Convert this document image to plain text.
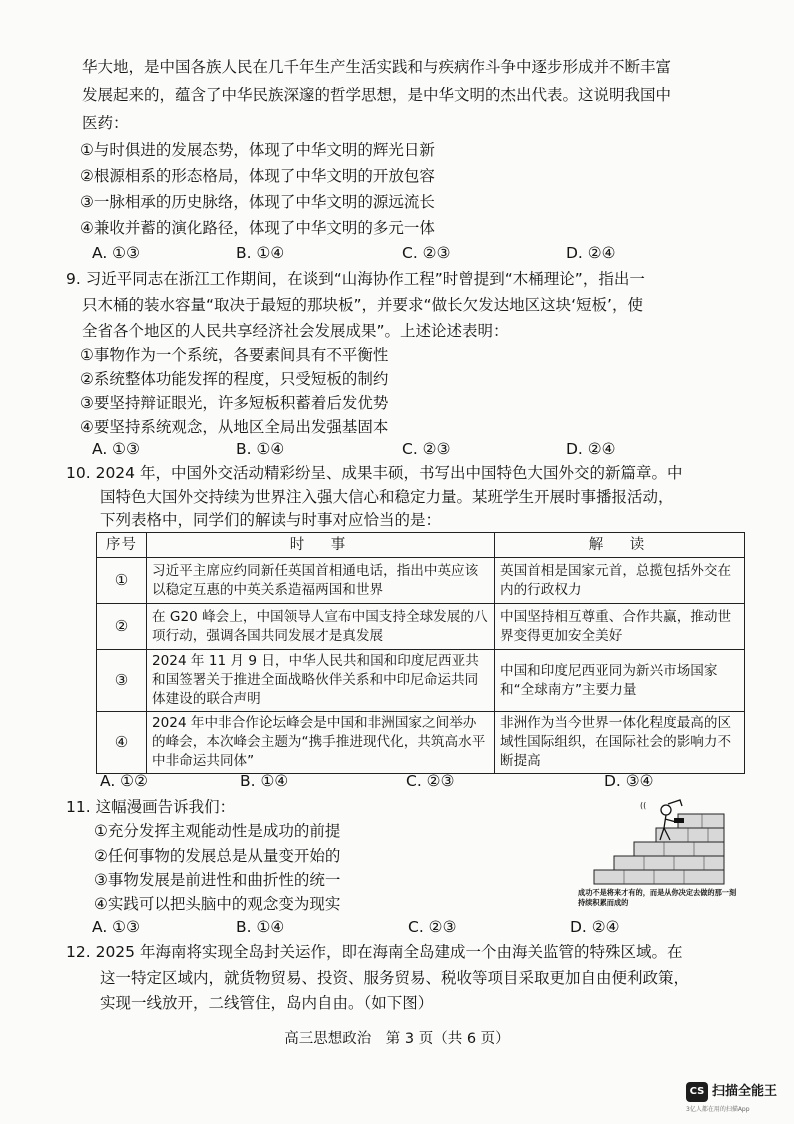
华大地，是中国各族人民在几千年生产生活实践和与疾病作斗争中逐步形成并不断丰富
发展起来的，蕴含了中华民族深邃的哲学思想，是中华文明的杰出代表。这说明我国中
医药：
①与时俱进的发展态势，体现了中华文明的辉光日新
②根源相系的形态格局，体现了中华文明的开放包容
③一脉相承的历史脉络，体现了中华文明的源远流长
④兼收并蓄的演化路径，体现了中华文明的多元一体
A. ①③	B. ①④	C. ②③	D. ②④
9. 习近平同志在浙江工作期间，在谈到“山海协作工程”时曾提到“木桶理论”，指出一
只木桶的装水容量“取决于最短的那块板”，并要求“做长欠发达地区这块‘短板’，使
全省各个地区的人民共享经济社会发展成果”。上述论述表明：
①事物作为一个系统，各要素间具有不平衡性
②系统整体功能发挥的程度，只受短板的制约
③要坚持辩证眼光，许多短板积蓄着后发优势
④要坚持系统观念，从地区全局出发强基固本
A. ①③	B. ①④	C. ②③	D. ②④
10. 2024 年，中国外交活动精彩纷呈、成果丰硕，书写出中国特色大国外交的新篇章。中
国特色大国外交持续为世界注入强大信心和稳定力量。某班学生开展时事播报活动，
下列表格中，同学们的解读与时事对应恰当的是：
序号	时　事	解　读
①	习近平主席应约同新任英国首相通电话，指出中英应该以稳定互惠的中英关系造福两国和世界	英国首相是国家元首，总揽包括外交在内的行政权力
②	在 G20 峰会上，中国领导人宣布中国支持全球发展的八项行动，强调各国共同发展才是真发展	中国坚持相互尊重、合作共赢，推动世界变得更加安全美好
③	2024 年 11 月 9 日，中华人民共和国和印度尼西亚共和国签署关于推进全面战略伙伴关系和中印尼命运共同体建设的联合声明	中国和印度尼西亚同为新兴市场国家和“全球南方”主要力量
④	2024 年中非合作论坛峰会是中国和非洲国家之间举办的峰会，本次峰会主题为“携手推进现代化，共筑高水平中非命运共同体”	非洲作为当今世界一体化程度最高的区域性国际组织，在国际社会的影响力不断提高
A. ①②	B. ①④	C. ②③	D. ③④
11. 这幅漫画告诉我们：
①充分发挥主观能动性是成功的前提
②任何事物的发展总是从量变开始的
③事物发展是前进性和曲折性的统一
④实践可以把头脑中的观念变为现实
A. ①③	B. ①④	C. ②③	D. ②④
((
成功不是将来才有的，而是从你决定去做的那一刻持续积累而成的
12. 2025 年海南将实现全岛封关运作，即在海南全岛建成一个由海关监管的特殊区域。在
这一特定区域内，就货物贸易、投资、服务贸易、税收等项目采取更加自由便利政策，
实现一线放开，二线管住，岛内自由。（如下图）
高三思想政治　第 3 页（共 6 页）
CS 扫描全能王
3亿人都在用的扫描App
